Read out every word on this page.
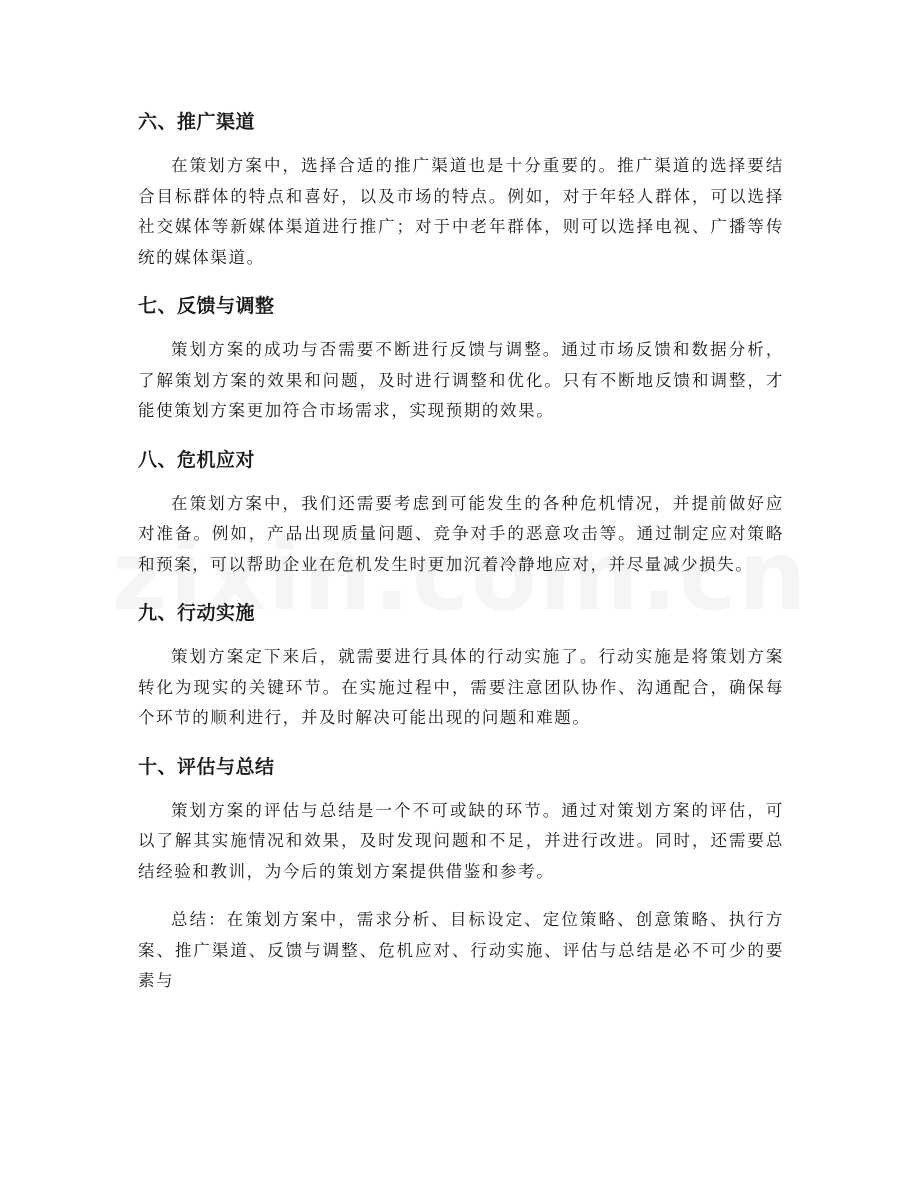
六、推广渠道

在策划方案中，选择合适的推广渠道也是十分重要的。推广渠道的选择要结合目标群体的特点和喜好，以及市场的特点。例如，对于年轻人群体，可以选择社交媒体等新媒体渠道进行推广；对于中老年群体，则可以选择电视、广播等传统的媒体渠道。

七、反馈与调整

策划方案的成功与否需要不断进行反馈与调整。通过市场反馈和数据分析，了解策划方案的效果和问题，及时进行调整和优化。只有不断地反馈和调整，才能使策划方案更加符合市场需求，实现预期的效果。

八、危机应对

在策划方案中，我们还需要考虑到可能发生的各种危机情况，并提前做好应对准备。例如，产品出现质量问题、竞争对手的恶意攻击等。通过制定应对策略和预案，可以帮助企业在危机发生时更加沉着冷静地应对，并尽量减少损失。

九、行动实施

策划方案定下来后，就需要进行具体的行动实施了。行动实施是将策划方案转化为现实的关键环节。在实施过程中，需要注意团队协作、沟通配合，确保每个环节的顺利进行，并及时解决可能出现的问题和难题。

十、评估与总结

策划方案的评估与总结是一个不可或缺的环节。通过对策划方案的评估，可以了解其实施情况和效果，及时发现问题和不足，并进行改进。同时，还需要总结经验和教训，为今后的策划方案提供借鉴和参考。

总结：在策划方案中，需求分析、目标设定、定位策略、创意策略、执行方案、推广渠道、反馈与调整、危机应对、行动实施、评估与总结是必不可少的要素与
